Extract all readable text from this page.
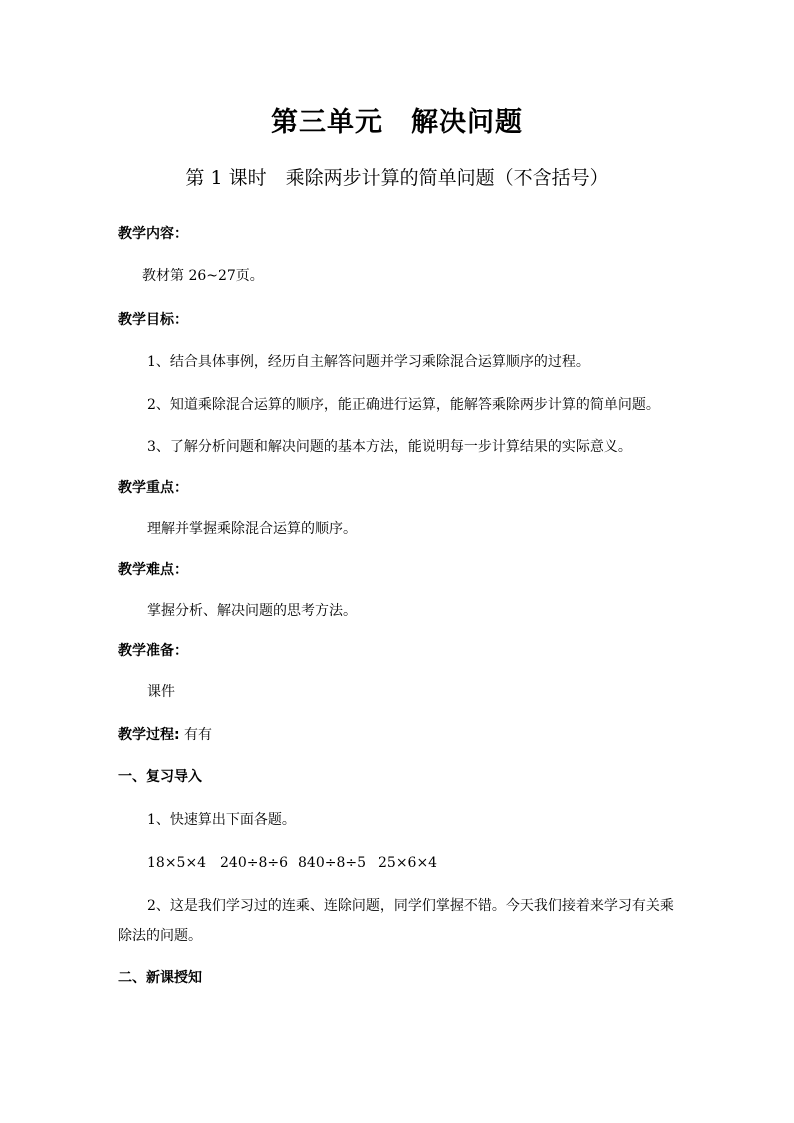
第三单元　解决问题
第 1 课时　乘除两步计算的简单问题（不含括号）
教学内容：
教材第 26~27页。
教学目标：
1、结合具体事例，经历自主解答问题并学习乘除混合运算顺序的过程。
2、知道乘除混合运算的顺序，能正确进行运算，能解答乘除两步计算的简单问题。
3、了解分析问题和解决问题的基本方法，能说明每一步计算结果的实际意义。
教学重点：
理解并掌握乘除混合运算的顺序。
教学难点：
掌握分析、解决问题的思考方法。
教学准备：
课件
教学过程: 有有
一、复习导入
1、快速算出下面各题。
18×5×4 240÷8÷6 840÷8÷5 25×6×4
2、这是我们学习过的连乘、连除问题，同学们掌握不错。今天我们接着来学习有关乘
除法的问题。
二、新课授知
